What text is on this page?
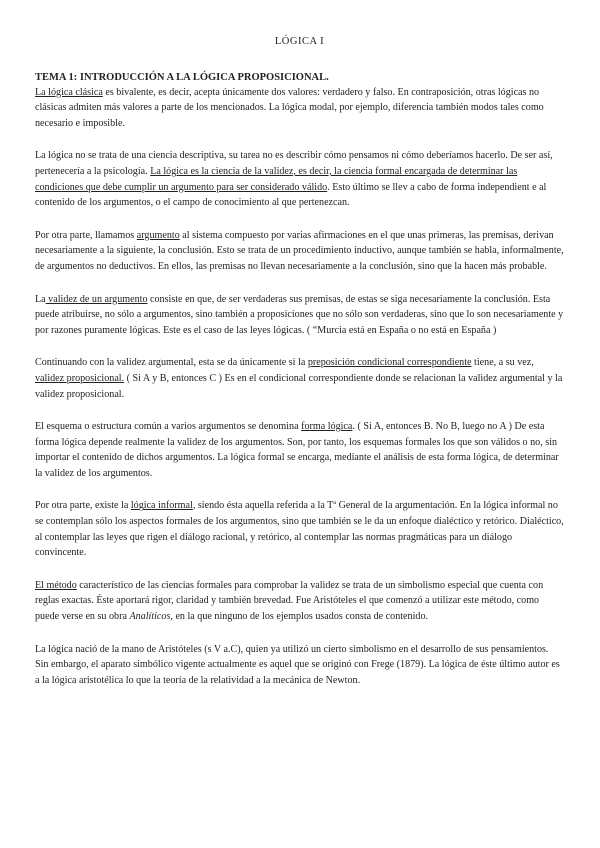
LÓGICA I
TEMA 1: INTRODUCCIÓN A LA LÓGICA PROPOSICIONAL.

La lógica clásica es bivalente, es decir, acepta únicamente dos valores: verdadero y falso. En contraposición, otras lógicas no clásicas admiten más valores a parte de los mencionados. La lógica modal, por ejemplo, diferencia también modos tales como necesario e imposible.

La lógica no se trata de una ciencia descriptiva, su tarea no es describir cómo pensamos ni cómo deberíamos hacerlo. De ser así, pertenecería a la psicología. La lógica es la ciencia de la validez, es decir, la ciencia formal encargada de determinar las condiciones que debe cumplir un argumento para ser considerado válido. Esto último se llev a cabo de forma independient e al contenido de los argumentos, o el campo de conocimiento al que pertenezcan.

Por otra parte, llamamos argumento al sistema compuesto por varias afirmaciones en el que unas primeras, las premisas, derivan necesariamente a la siguiente, la conclusión. Esto se trata de un procedimiento inductivo, aunque también se habla, informalmente, de argumentos no deductivos. En ellos, las premisas no llevan necesariamente a la conclusión, sino que la hacen más probable.

La validez de un argumento consiste en que, de ser verdaderas sus premisas, de estas se siga necesariamente la conclusión. Esta puede atribuirse, no sólo a argumentos, sino también a proposiciones que no sólo son verdaderas, sino que lo son necesariamente y por razones puramente lógicas. Este es el caso de las leyes lógicas. ( “Murcia está en España o no está en España )

Continuando con la validez argumental, esta se da únicamente si la preposición condicional correspondiente tiene, a su vez, validez proposicional. ( Si A y B, entonces C ) Es en el condicional correspondiente donde se relacionan la validez argumental y la validez proposicional.

El esquema o estructura común a varios argumentos se denomina forma lógica. ( Si A, entonces B. No B, luego no A ) De esta forma lógica depende realmente la validez de los argumentos. Son, por tanto, los esquemas formales los que son válidos o no, sin importar el contenido de dichos argumentos. La lógica formal se encarga, mediante el análisis de esta forma lógica, de determinar la validez de los argumentos.

Por otra parte, existe la lógica informal, siendo ésta aquella referida a la Tª General de la argumentación. En la lógica informal no se contemplan sólo los aspectos formales de los argumentos, sino que también se le da un enfoque dialéctico y retórico. Dialéctico, al contemplar las leyes que rigen el diálogo racional, y retórico, al contemplar las normas pragmáticas para un diálogo convincente.

El método característico de las ciencias formales para comprobar la validez se trata de un simbolismo especial que cuenta con reglas exactas. Éste aportará rigor, claridad y también brevedad. Fue Aristóteles el que comenzó a utilizar este método, como puede verse en su obra Analíticos, en la que ninguno de los ejemplos usados consta de contenido.

La lógica nació de la mano de Aristóteles (s V a.C), quien ya utilizó un cierto simbolismo en el desarrollo de sus pensamientos. Sin embargo, el aparato simbólico vigente actualmente es aquel que se originó con Frege (1879). La lógica de éste último autor es a la lógica aristotélica lo que la teoría de la relatividad a la mecánica de Newton.
